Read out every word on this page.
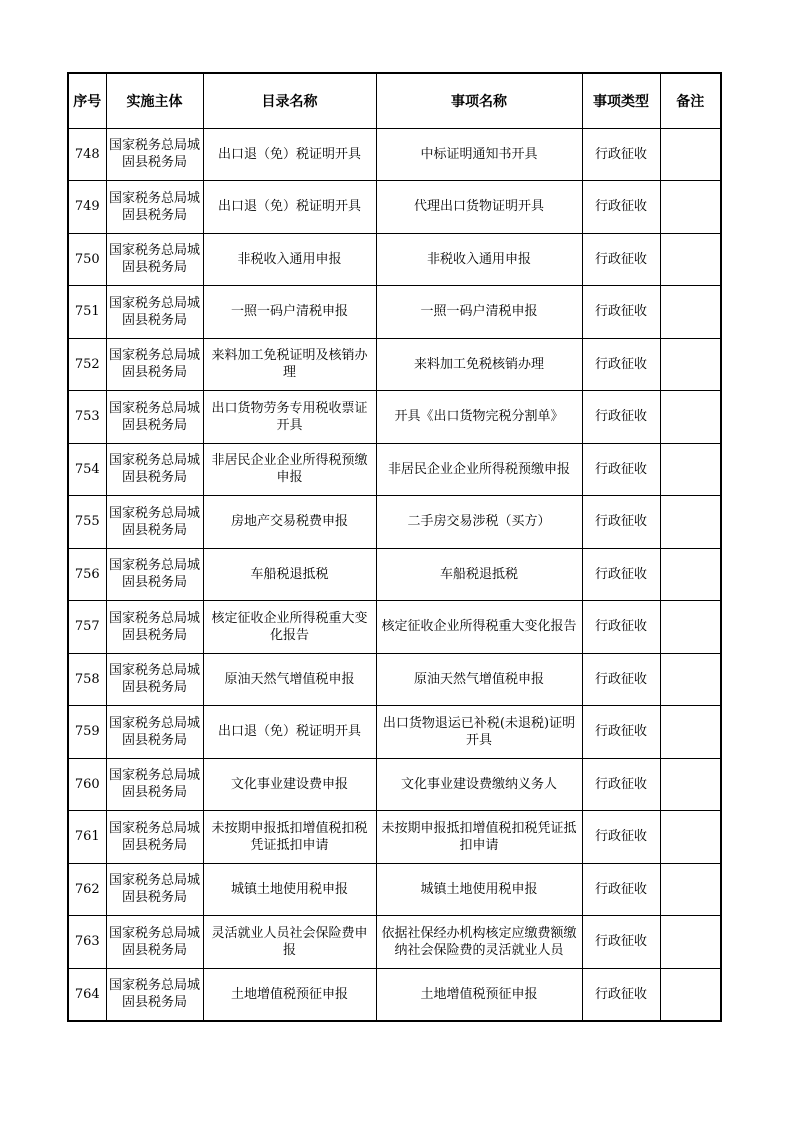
序号	实施主体	目录名称	事项名称	事项类型	备注
748	国家税务总局城固县税务局	出口退（免）税证明开具	中标证明通知书开具	行政征收	
749	国家税务总局城固县税务局	出口退（免）税证明开具	代理出口货物证明开具	行政征收	
750	国家税务总局城固县税务局	非税收入通用申报	非税收入通用申报	行政征收	
751	国家税务总局城固县税务局	一照一码户清税申报	一照一码户清税申报	行政征收	
752	国家税务总局城固县税务局	来料加工免税证明及核销办理	来料加工免税核销办理	行政征收	
753	国家税务总局城固县税务局	出口货物劳务专用税收票证开具	开具《出口货物完税分割单》	行政征收	
754	国家税务总局城固县税务局	非居民企业企业所得税预缴申报	非居民企业企业所得税预缴申报	行政征收	
755	国家税务总局城固县税务局	房地产交易税费申报	二手房交易涉税（买方）	行政征收	
756	国家税务总局城固县税务局	车船税退抵税	车船税退抵税	行政征收	
757	国家税务总局城固县税务局	核定征收企业所得税重大变化报告	核定征收企业所得税重大变化报告	行政征收	
758	国家税务总局城固县税务局	原油天然气增值税申报	原油天然气增值税申报	行政征收	
759	国家税务总局城固县税务局	出口退（免）税证明开具	出口货物退运已补税(未退税)证明开具	行政征收	
760	国家税务总局城固县税务局	文化事业建设费申报	文化事业建设费缴纳义务人	行政征收	
761	国家税务总局城固县税务局	未按期申报抵扣增值税扣税凭证抵扣申请	未按期申报抵扣增值税扣税凭证抵扣申请	行政征收	
762	国家税务总局城固县税务局	城镇土地使用税申报	城镇土地使用税申报	行政征收	
763	国家税务总局城固县税务局	灵活就业人员社会保险费申报	依据社保经办机构核定应缴费额缴纳社会保险费的灵活就业人员	行政征收	
764	国家税务总局城固县税务局	土地增值税预征申报	土地增值税预征申报	行政征收	
